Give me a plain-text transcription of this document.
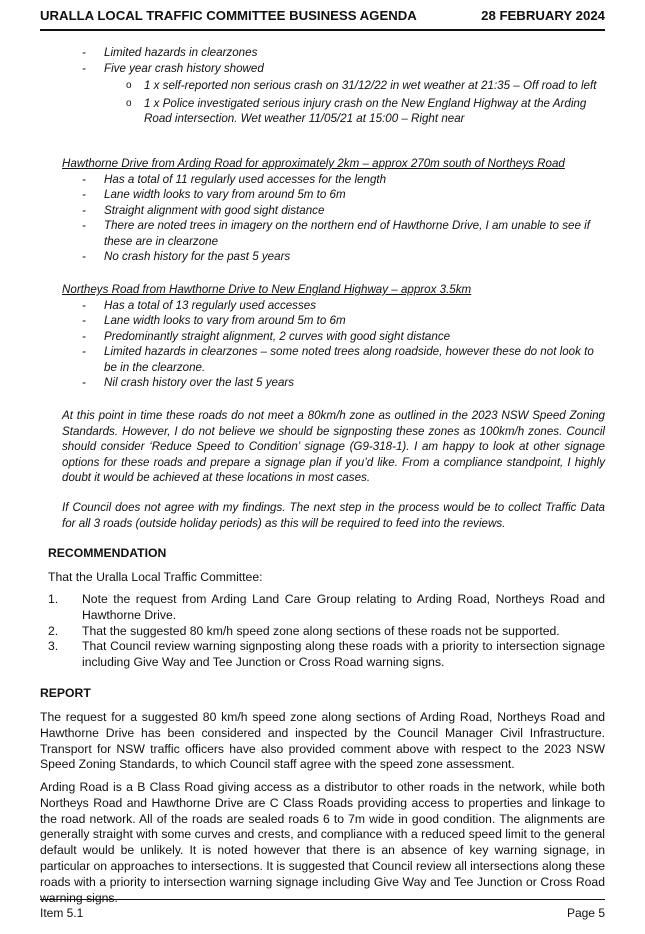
URALLA LOCAL TRAFFIC COMMITTEE BUSINESS AGENDA	28 FEBRUARY 2024
- Limited hazards in clearzones
- Five year crash history showed
o 1 x self-reported non serious crash on 31/12/22 in wet weather at 21:35 – Off road to left
o 1 x Police investigated serious injury crash on the New England Highway at the Arding Road intersection. Wet weather 11/05/21 at 15:00 – Right near
Hawthorne Drive from Arding Road for approximately 2km – approx 270m south of Northeys Road
- Has a total of 11 regularly used accesses for the length
- Lane width looks to vary from around 5m to 6m
- Straight alignment with good sight distance
- There are noted trees in imagery on the northern end of Hawthorne Drive, I am unable to see if these are in clearzone
- No crash history for the past 5 years
Northeys Road from Hawthorne Drive to New England Highway – approx 3.5km
- Has a total of 13 regularly used accesses
- Lane width looks to vary from around 5m to 6m
- Predominantly straight alignment, 2 curves with good sight distance
- Limited hazards in clearzones – some noted trees along roadside, however these do not look to be in the clearzone.
- Nil crash history over the last 5 years
At this point in time these roads do not meet a 80km/h zone as outlined in the 2023 NSW Speed Zoning Standards. However, I do not believe we should be signposting these zones as 100km/h zones. Council should consider ‘Reduce Speed to Condition’ signage (G9-318-1). I am happy to look at other signage options for these roads and prepare a signage plan if you’d like. From a compliance standpoint, I highly doubt it would be achieved at these locations in most cases.
If Council does not agree with my findings. The next step in the process would be to collect Traffic Data for all 3 roads (outside holiday periods) as this will be required to feed into the reviews.
RECOMMENDATION
That the Uralla Local Traffic Committee:
1. Note the request from Arding Land Care Group relating to Arding Road, Northeys Road and Hawthorne Drive.
2. That the suggested 80 km/h speed zone along sections of these roads not be supported.
3. That Council review warning signposting along these roads with a priority to intersection signage including Give Way and Tee Junction or Cross Road warning signs.
REPORT
The request for a suggested 80 km/h speed zone along sections of Arding Road, Northeys Road and Hawthorne Drive has been considered and inspected by the Council Manager Civil Infrastructure. Transport for NSW traffic officers have also provided comment above with respect to the 2023 NSW Speed Zoning Standards, to which Council staff agree with the speed zone assessment.
Arding Road is a B Class Road giving access as a distributor to other roads in the network, while both Northeys Road and Hawthorne Drive are C Class Roads providing access to properties and linkage to the road network. All of the roads are sealed roads 6 to 7m wide in good condition. The alignments are generally straight with some curves and crests, and compliance with a reduced speed limit to the general default would be unlikely. It is noted however that there is an absence of key warning signage, in particular on approaches to intersections. It is suggested that Council review all intersections along these roads with a priority to intersection warning signage including Give Way and Tee Junction or Cross Road warning signs.
Item 5.1	Page 5
